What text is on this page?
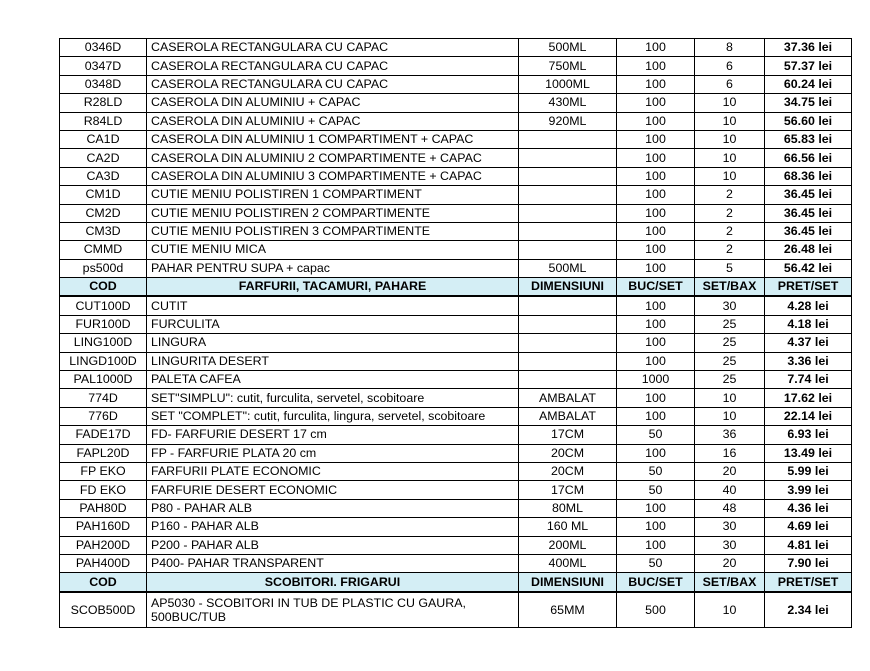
0346D	CASEROLA RECTANGULARA CU CAPAC	500ML	100	8	37.36 lei
0347D	CASEROLA RECTANGULARA CU CAPAC	750ML	100	6	57.37 lei
0348D	CASEROLA RECTANGULARA CU CAPAC	1000ML	100	6	60.24 lei
R28LD	CASEROLA DIN ALUMINIU + CAPAC	430ML	100	10	34.75 lei
R84LD	CASEROLA DIN ALUMINIU + CAPAC	920ML	100	10	56.60 lei
CA1D	CASEROLA DIN ALUMINIU 1 COMPARTIMENT + CAPAC		100	10	65.83 lei
CA2D	CASEROLA DIN ALUMINIU 2 COMPARTIMENTE + CAPAC		100	10	66.56 lei
CA3D	CASEROLA DIN ALUMINIU 3 COMPARTIMENTE + CAPAC		100	10	68.36 lei
CM1D	CUTIE MENIU POLISTIREN 1 COMPARTIMENT		100	2	36.45 lei
CM2D	CUTIE MENIU POLISTIREN 2 COMPARTIMENTE		100	2	36.45 lei
CM3D	CUTIE MENIU POLISTIREN 3 COMPARTIMENTE		100	2	36.45 lei
CMMD	CUTIE MENIU MICA		100	2	26.48 lei
ps500d	PAHAR PENTRU SUPA + capac	500ML	100	5	56.42 lei
COD	FARFURII, TACAMURI, PAHARE	DIMENSIUNI	BUC/SET	SET/BAX	PRET/SET
CUT100D	CUTIT		100	30	4.28 lei
FUR100D	FURCULITA		100	25	4.18 lei
LING100D	LINGURA		100	25	4.37 lei
LINGD100D	LINGURITA DESERT		100	25	3.36 lei
PAL1000D	PALETA CAFEA		1000	25	7.74 lei
774D	SET"SIMPLU": cutit, furculita, servetel, scobitoare	AMBALAT	100	10	17.62 lei
776D	SET "COMPLET": cutit, furculita, lingura, servetel, scobitoare	AMBALAT	100	10	22.14 lei
FADE17D	FD- FARFURIE DESERT 17 cm	17CM	50	36	6.93 lei
FAPL20D	FP - FARFURIE PLATA 20 cm	20CM	100	16	13.49 lei
FP EKO	FARFURII PLATE ECONOMIC	20CM	50	20	5.99 lei
FD EKO	FARFURIE DESERT ECONOMIC	17CM	50	40	3.99 lei
PAH80D	P80 - PAHAR ALB	80ML	100	48	4.36 lei
PAH160D	P160 - PAHAR ALB	160 ML	100	30	4.69 lei
PAH200D	P200 - PAHAR ALB	200ML	100	30	4.81 lei
PAH400D	P400- PAHAR TRANSPARENT	400ML	50	20	7.90 lei
COD	SCOBITORI. FRIGARUI	DIMENSIUNI	BUC/SET	SET/BAX	PRET/SET
SCOB500D	AP5030 - SCOBITORI IN TUB DE PLASTIC CU GAURA, 500BUC/TUB	65MM	500	10	2.34 lei
